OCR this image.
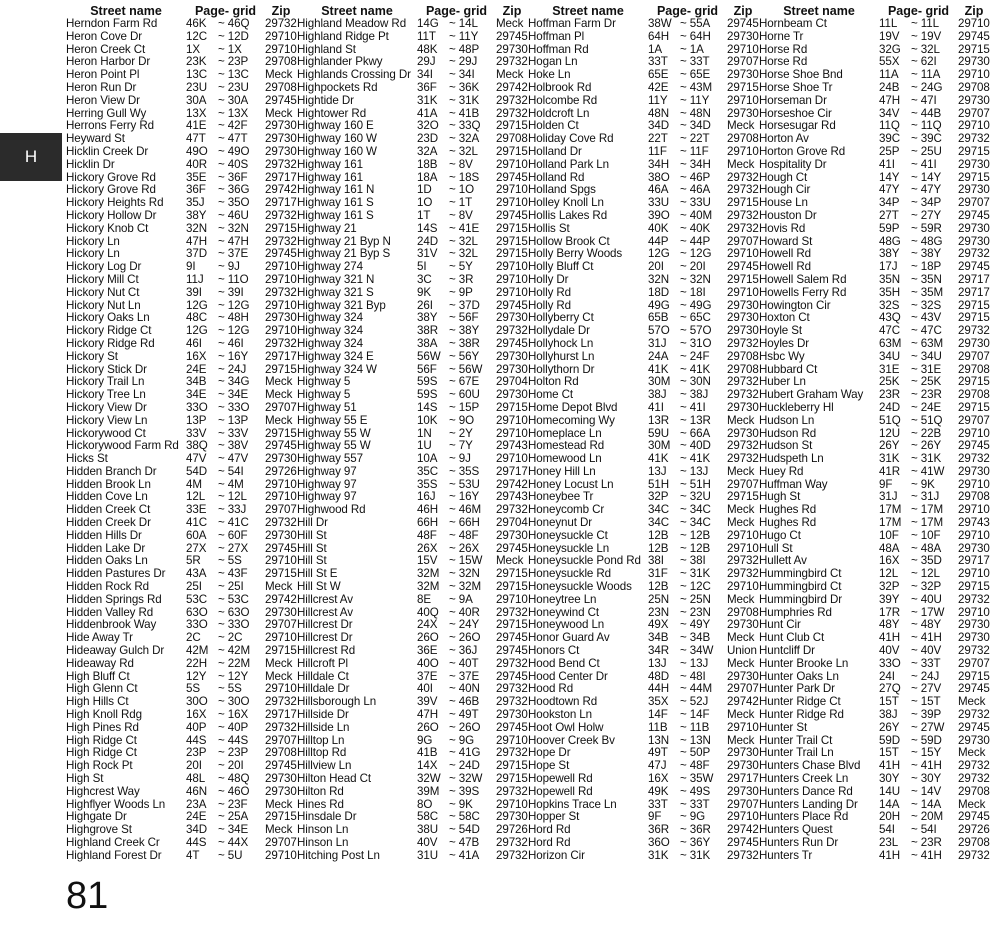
H
Street name	Page- grid	Zip
Herndon Farm Rd	46K	~ 46Q	29732
Heron Cove Dr	12C ~ 12D	29710
Heron Creek Ct	1X	~ 1X	29710
Heron Harbor Dr	23K	~ 23P	29708
Heron Point Pl	13C ~ 13C	Meck
Heron Run Dr	23U ~ 23U	29708
Heron View Dr	30A	~ 30A	29745
Herring Gull Wy	13X	~ 13X	Meck
Herrons Ferry Rd	41E	~ 42F	29730
Heyward St	47T	~ 47T	29730
Hicklin Creek Dr	49O ~ 49O	29730
Hicklin Dr	40R ~ 40S	29732
Hickory Grove Rd	35E	~ 36F	29717
Hickory Grove Rd	36F	~ 36G	29742
Hickory Heights Rd	35J	~ 35O	29717
Hickory Hollow Dr	38Y	~ 46U	29732
Hickory Knob Ct	32N ~ 32N	29715
Hickory Ln	47H ~ 47H	29732
Hickory Ln	37D ~ 37E	29745
Hickory Log Dr	9I	~ 9J	29710
Hickory Mill Ct	11J	~ 11O	29710
Hickory Nut Ct	39I	~ 39I	29732
Hickory Nut Ln	12G ~ 12G	29710
Hickory Oaks Ln	48C ~ 48H	29730
Hickory Ridge Ct	12G ~ 12G	29710
Hickory Ridge Rd	46I	~ 46I	29732
Hickory St	16X	~ 16Y	29717
Hickory Stick Dr	24E	~ 24J	29715
Hickory Trail Ln	34B	~ 34G	Meck
Hickory Tree Ln	34E	~ 34E	Meck
Hickory View Dr	33O ~ 33O	29707
Hickory View Ln	13P	~ 13P	Meck
Hickorywood Ct	33V	~ 33V	29715
Hickorywood Farm Rd 38Q ~ 38V	29745
Hicks St	47V	~ 47V	29730
Hidden Branch Dr	54D ~ 54I	29726
Hidden Brook Ln	4M	~ 4M	29710
Hidden Cove Ln	12L	~ 12L	29710
Hidden Creek Ct	33E	~ 33J	29707
Hidden Creek Dr	41C ~ 41C	29732
Hidden Hills Dr	60A	~ 60F	29730
Hidden Lake Dr	27X	~ 27X	29745
Hidden Oaks Ln	5R	~ 5S	29710
Hidden Pastures Dr	43A	~ 43F	29715
Hidden Rock Rd	25I	~ 25I	Meck
Hidden Springs Rd	53C ~ 53C	29742
Hidden Valley Rd	63O ~ 63O	29730
Hiddenbrook Way	33O ~ 33O	29707
Hide Away Tr	2C	~ 2C	29710
Hideaway Gulch Dr	42M ~ 42M	29715
Hideaway Rd	22H ~ 22M	Meck
High Bluff Ct	12Y	~ 12Y	Meck
High Glenn Ct	5S	~ 5S	29710
High Hills Ct	30O ~ 30O	29732
High Knoll Rdg	16X	~ 16X	29717
High Pines Rd	40P	~ 40P	29732
High Ridge Ct	44S	~ 44S	29707
High Ridge Ct	23P	~ 23P	29708
High Rock Pt	20I	~ 20I	29745
High St	48L	~ 48Q	29730
Highcrest Way	46N ~ 46O	29730
Highflyer Woods Ln	23A	~ 23F	Meck
Highgate Dr	24E	~ 25A	29715
Highgrove St	34D ~ 34E	Meck
Highland Creek Cr	44S	~ 44X	29707
Highland Forest Dr	4T	~ 5U	29710
Street name	Page- grid	Zip
Highland Meadow Rd 14G ~ 14L	Meck
Highland Ridge Pt	11T	~ 11Y	29745
Highland St	48K	~ 48P	29730
Highlander Pkwy	29J	~ 29J	29732
Highlands Crossing Dr 34I	~ 34I	Meck
Highpockets Rd	36F	~ 36K	29742
Hightide Dr	31K	~ 31K	29732
Hightower Rd	41A	~ 41B	29732
Highway 160 E	32O ~ 33Q	29715
Highway 160 W	23D ~ 32A	29708
Highway 160 W	32A	~ 32L	29715
Highway 161	18B	~ 8V	29710
Highway 161	18A	~ 18S	29745
Highway 161 N	1D	~ 1O	29710
Highway 161 S	1O	~ 1T	29710
Highway 161 S	1T	~ 8V	29745
Highway 21	14S	~ 41E	29715
Highway 21 Byp N	24D ~ 32L	29715
Highway 21 Byp S	31V	~ 32L	29715
Highway 274	5I	~ 5Y	29710
Highway 321 N	3C	~ 3R	29710
Highway 321 S	9K	~ 9P	29710
Highway 321 Byp	26I	~ 37D	29745
Highway 324	38Y	~ 56F	29730
Highway 324	38R ~ 38Y	29732
Highway 324	38A	~ 38R	29745
Highway 324 E	56W ~ 56Y	29730
Highway 324 W	56F	~ 56W	29730
Highway 5	59S	~ 67E	29704
Highway 5	59S	~ 60U	29730
Highway 51	14S	~ 15P	29715
Highway 55 E	10K	~ 9O	29710
Highway 55 W	1N	~ 2Y	29710
Highway 55 W	1U	~ 7Y	29743
Highway 557	10A	~ 9J	29710
Highway 97	35C ~ 35S	29717
Highway 97	35S	~ 53U	29742
Highway 97	16J	~ 16Y	29743
Highwood Rd	46H ~ 46M	29732
Hill Dr	66H ~ 66H	29704
Hill St	48F	~ 48F	29730
Hill St	26X	~ 26X	29745
Hill St	15V	~ 15W	Meck
Hill St E	32M ~ 32N	29715
Hill St W	32M ~ 32M	29715
Hillcrest Av	8E	~ 9A	29710
Hillcrest Av	40Q ~ 40R	29732
Hillcrest Dr	24X	~ 24Y	29715
Hillcrest Dr	26O ~ 26O	29745
Hillcrest Rd	36E	~ 36J	29745
Hillcroft Pl	40O ~ 40T	29732
Hilldale Ct	37E	~ 37E	29745
Hilldale Dr	40I	~ 40N	29732
Hillsborough Ln	39V	~ 46B	29732
Hillside Dr	47H ~ 49T	29730
Hillside Ln	26O ~ 26O	29745
Hilltop Ln	9G	~ 9G	29710
Hilltop Rd	41B	~ 41G	29732
Hillview Ln	14X	~ 24D	29715
Hilton Head Ct	32W ~ 32W	29715
Hilton Rd	39M ~ 39S	29732
Hines Rd	8O	~ 9K	29710
Hinsdale Dr	58C ~ 58C	29730
Hinson Ln	38U ~ 54D	29726
Hinson Ln	40V	~ 47B	29732
Hitching Post Ln	31U ~ 41A	29732
Street name	Page- grid	Zip
Hoffman Farm Dr	38W ~ 55A	29745
Hoffman Pl	64H ~ 64H	29730
Hoffman Rd	1A	~ 1A	29710
Hogan Ln	33T	~ 33T	29707
Hoke Ln	65E	~ 65E	29730
Holbrook Rd	42E	~ 43M	29715
Holcombe Rd	11Y	~ 11Y	29710
Holdcroft Ln	48N ~ 48N	29730
Holden Ct	34D ~ 34D	Meck
Holiday Cove Rd	22T	~ 22T	29708
Holland Dr	11F	~ 11F	29710
Holland Park Ln	34H ~ 34H	Meck
Holland Rd	38O ~ 46P	29732
Holland Spgs	46A	~ 46A	29732
Holley Knoll Ln	33U ~ 33U	29715
Hollis Lakes Rd	39O ~ 40M	29732
Hollis St	40K	~ 40K	29732
Hollow Brook Ct	44P	~ 44P	29707
Holly Berry Woods	12G ~ 12G	29710
Holly Bluff Ct	20I	~ 20I	29745
Holly Dr	32N ~ 32N	29715
Holly Rd	18D ~ 18I	29710
Holly Rd	49G ~ 49G	29730
Hollyberry Ct	65B	~ 65C	29730
Hollydale Dr	57O ~ 57O	29730
Hollyhock Ln	31J	~ 31O	29732
Hollyhurst Ln	24A	~ 24F	29708
Hollythorn Dr	41K	~ 41K	29708
Holton Rd	30M ~ 30N	29732
Home Ct	38J	~ 38J	29732
Home Depot Blvd	41I	~ 41I	29730
Homecoming Wy	13R ~ 13R	Meck
Homeplace Ln	59U ~ 66A	29730
Homestead Rd	30M ~ 40D	29732
Homewood Ln	41K	~ 41K	29732
Honey Hill Ln	13J	~ 13J	Meck
Honey Locust Ln	51H ~ 51H	29707
Honeybee Tr	32P	~ 32U	29715
Honeycomb Cr	34C ~ 34C	Meck
Honeynut Dr	34C ~ 34C	Meck
Honeysuckle Ct	12B	~ 12B	29710
Honeysuckle Ln	12B	~ 12B	29710
Honeysuckle Pond Rd 38I	~ 38I	29732
Honeysuckle Rd	31F	~ 31K	29732
Honeysuckle Woods	12B	~ 12C	29710
Honeytree Ln	25N ~ 25N	Meck
Honeywind Ct	23N ~ 23N	29708
Honeywood Ln	49X	~ 49Y	29730
Honor Guard Av	34B	~ 34B	Meck
Honors Ct	34R ~ 34W	Union
Hood Bend Ct	13J	~ 13J	Meck
Hood Center Dr	48D ~ 48I	29730
Hood Rd	44H ~ 44M	29707
Hoodtown Rd	35X	~ 52J	29742
Hookston Ln	14F	~ 14F	Meck
Hoot Owl Holw	11B	~ 11B	29710
Hoover Creek Bv	13N ~ 13N	Meck
Hope Dr	49T	~ 50P	29730
Hope St	47J	~ 48F	29730
Hopewell Rd	16X	~ 35W	29717
Hopewell Rd	49K	~ 49S	29730
Hopkins Trace Ln	33T	~ 33T	29707
Hopper St	9F	~ 9G	29710
Hord Rd	36R ~ 36R	29742
Hord Rd	36O ~ 36Y	29745
Horizon Cir	31K	~ 31K	29732
Street name	Page- grid	Zip
Hornbeam Ct	11L	~ 11L	29710
Horne Tr	19V	~ 19V	29745
Horse Rd	32G ~ 32L	29715
Horse Rd	55X	~ 62I	29730
Horse Shoe Bnd	11A	~ 11A	29710
Horse Shoe Tr	24B	~ 24G	29708
Horseman Dr	47H ~ 47I	29730
Horseshoe Cir	34V	~ 44B	29707
Horsesugar Rd	11Q ~ 11Q	29710
Horton Av	39C ~ 39C	29732
Horton Grove Rd	25P	~ 25U	29715
Hospitality Dr	41I	~ 41I	29730
Hough Ct	14Y	~ 14Y	29715
Hough Cir	47Y	~ 47Y	29730
House Ln	34P	~ 34P	29707
Houston Dr	27T	~ 27Y	29745
Hovis Rd	59P	~ 59R	29730
Howard St	48G ~ 48G	29730
Howell Rd	38Y	~ 38Y	29732
Howell Rd	17J	~ 18P	29745
Howell Salem Rd	35N ~ 35N	29717
Howells Ferry Rd	35H ~ 35M	29717
Howington Cir	32S	~ 32S	29715
Hoxton Ct	43Q ~ 43V	29715
Hoyle St	47C ~ 47C	29732
Hoyles Dr	63M ~ 63M	29730
Hsbc Wy	34U ~ 34U	29707
Hubbard Ct	31E	~ 31E	29708
Huber Ln	25K	~ 25K	29715
Hubert Graham Way	23R ~ 23R	29708
Huckleberry Hl	24D ~ 24E	29715
Hudson Ln	51Q ~ 51Q	29707
Hudson Rd	12U ~ 22B	29710
Hudson St	26Y	~ 26Y	29745
Hudspeth Ln	31K	~ 31K	29732
Huey Rd	41R ~ 41W	29730
Huffman Way	9F	~ 9K	29710
Hugh St	31J	~ 31J	29708
Hughes Rd	17M ~ 17M	29710
Hughes Rd	17M ~ 17M	29743
Hugo Ct	10F	~ 10F	29710
Hull St	48A	~ 48A	29730
Hullett Av	16X	~ 35D	29717
Hummingbird Ct	12L	~ 12L	29710
Hummingbird Ct	32P	~ 32P	29715
Hummingbird Dr	39Y	~ 40U	29732
Humphries Rd	17R ~ 17W	29710
Hunt Cir	48Y	~ 48Y	29730
Hunt Club Ct	41H ~ 41H	29730
Huntcliff Dr	40V	~ 40V	29732
Hunter Brooke Ln	33O ~ 33T	29707
Hunter Oaks Ln	24I	~ 24J	29715
Hunter Park Dr	27Q ~ 27V	29745
Hunter Ridge Ct	15T	~ 15T	Meck
Hunter Ridge Rd	38J	~ 39P	29732
Hunter St	26Y	~ 27W	29745
Hunter Trail Ct	59D ~ 59D	29730
Hunter Trail Ln	15T	~ 15Y	Meck
Hunters Chase Blvd	41H ~ 41H	29732
Hunters Creek Ln	30Y	~ 30Y	29732
Hunters Dance Rd	14U ~ 14V	29708
Hunters Landing Dr	14A	~ 14A	Meck
Hunters Place Rd	20H ~ 20M	29745
Hunters Quest	54I	~ 54I	29726
Hunters Run Dr	23L	~ 23R	29708
Hunters Tr	41H ~ 41H	29732
81
